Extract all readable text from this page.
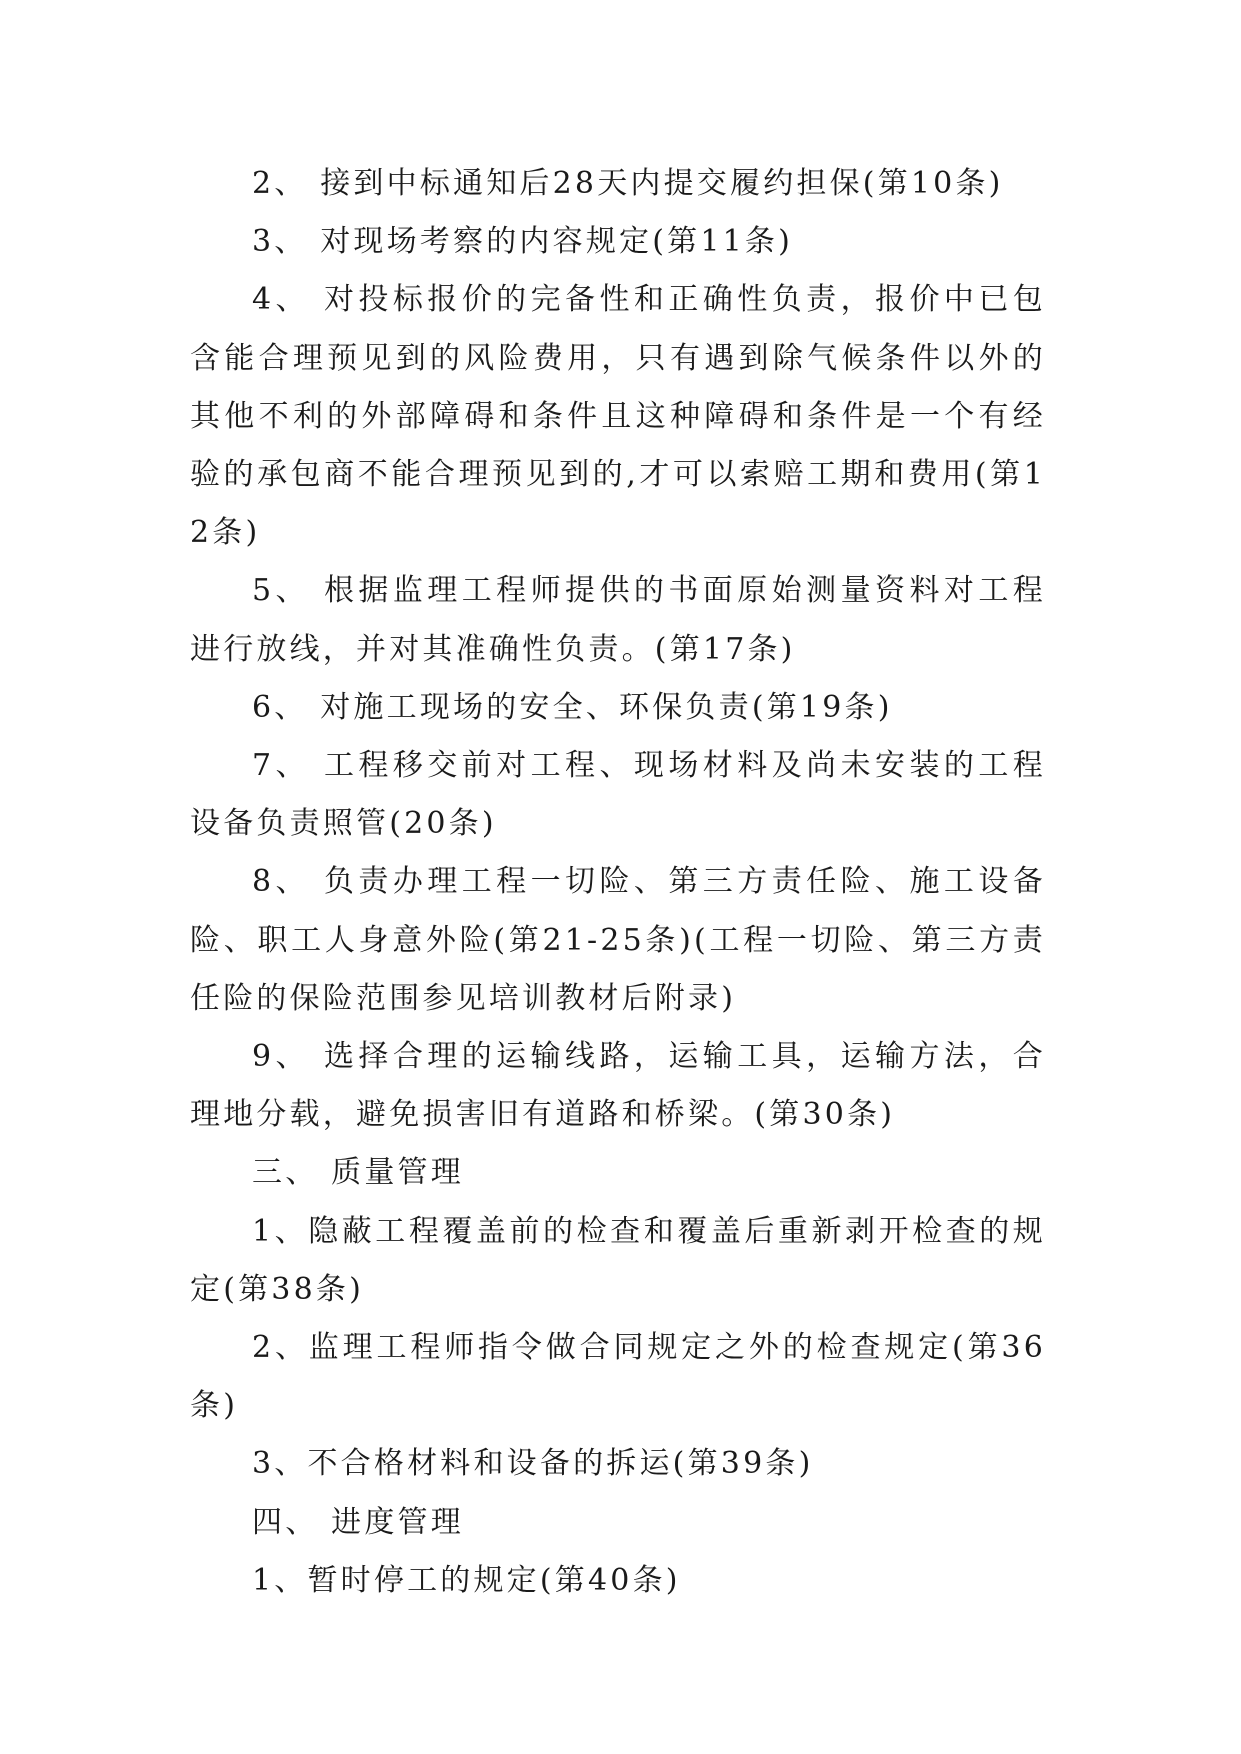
2、 接到中标通知后28天内提交履约担保(第10条)

3、 对现场考察的内容规定(第11条)

4、 对投标报价的完备性和正确性负责，报价中已包含能合理预见到的风险费用，只有遇到除气候条件以外的其他不利的外部障碍和条件且这种障碍和条件是一个有经验的承包商不能合理预见到的,才可以索赔工期和费用(第12条)

5、 根据监理工程师提供的书面原始测量资料对工程进行放线，并对其准确性负责。(第17条)

6、 对施工现场的安全、环保负责(第19条)

7、 工程移交前对工程、现场材料及尚未安装的工程设备负责照管(20条)

8、 负责办理工程一切险、第三方责任险、施工设备险、职工人身意外险(第21-25条)(工程一切险、第三方责任险的保险范围参见培训教材后附录)

9、 选择合理的运输线路，运输工具，运输方法，合理地分载，避免损害旧有道路和桥梁。(第30条)

三、 质量管理

1、隐蔽工程覆盖前的检查和覆盖后重新剥开检查的规定(第38条)

2、监理工程师指令做合同规定之外的检查规定(第36条)

3、不合格材料和设备的拆运(第39条)

四、 进度管理

1、暂时停工的规定(第40条)
